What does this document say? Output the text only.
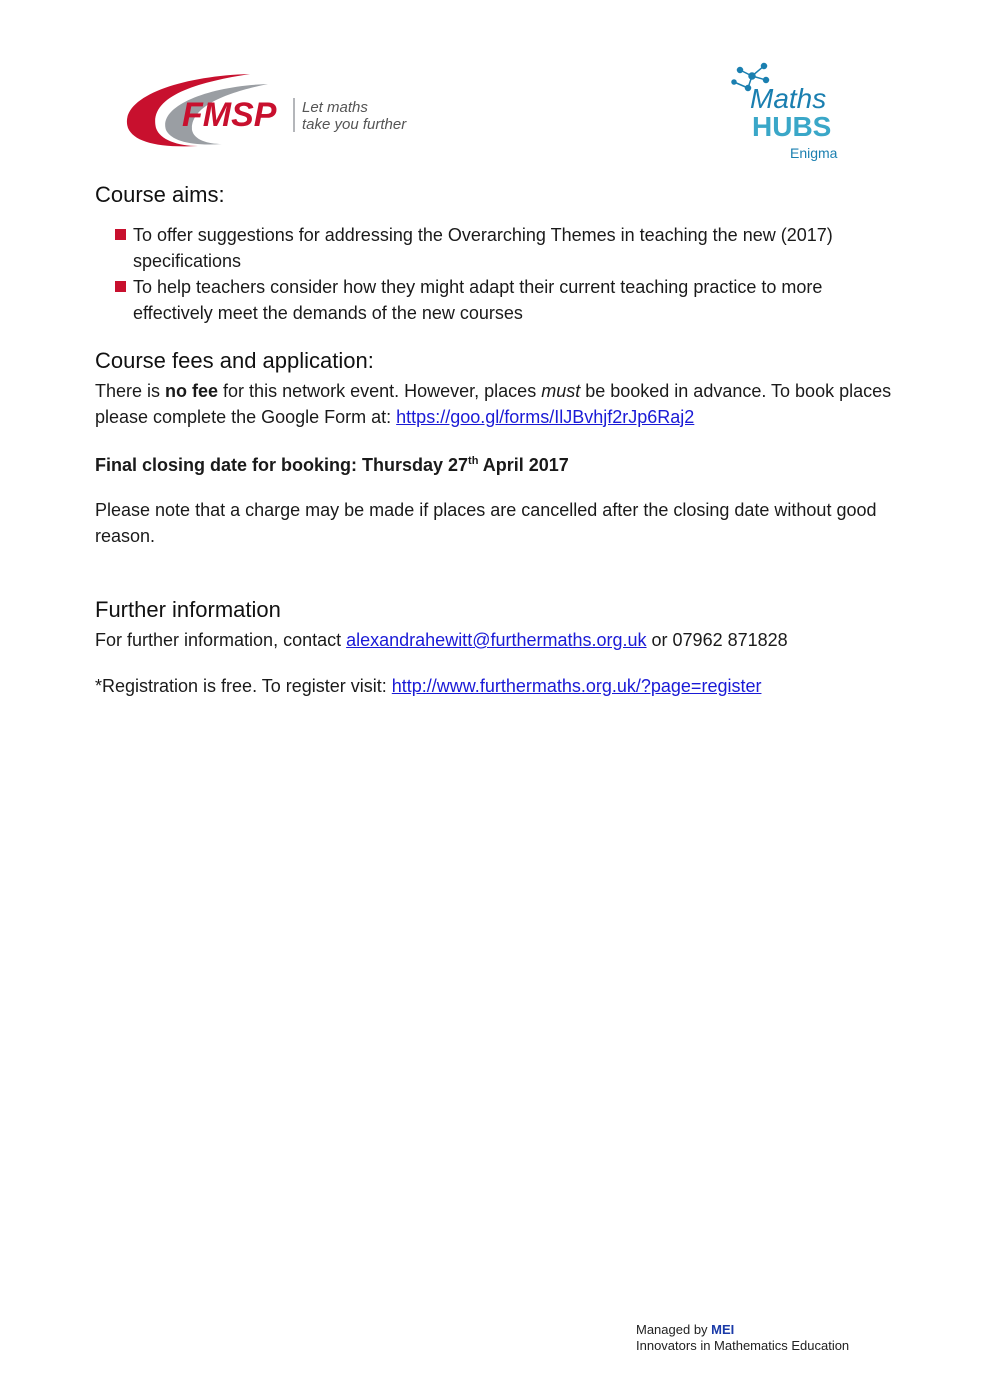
FMSP Let maths
take you further
Maths
HUBS
Enigma
Course aims:
To offer suggestions for addressing the Overarching Themes in teaching the new (2017) specifications
To help teachers consider how they might adapt their current teaching practice to more effectively meet the demands of the new courses
Course fees and application:
There is no fee for this network event. However, places must be booked in advance. To book places please complete the Google Form at: https://goo.gl/forms/IlJBvhjf2rJp6Raj2
Final closing date for booking: Thursday 27th April 2017
Please note that a charge may be made if places are cancelled after the closing date without good reason.
Further information
For further information, contact alexandrahewitt@furthermaths.org.uk or 07962 871828
*Registration is free. To register visit: http://www.furthermaths.org.uk/?page=register
Managed by MEI
Innovators in Mathematics Education
